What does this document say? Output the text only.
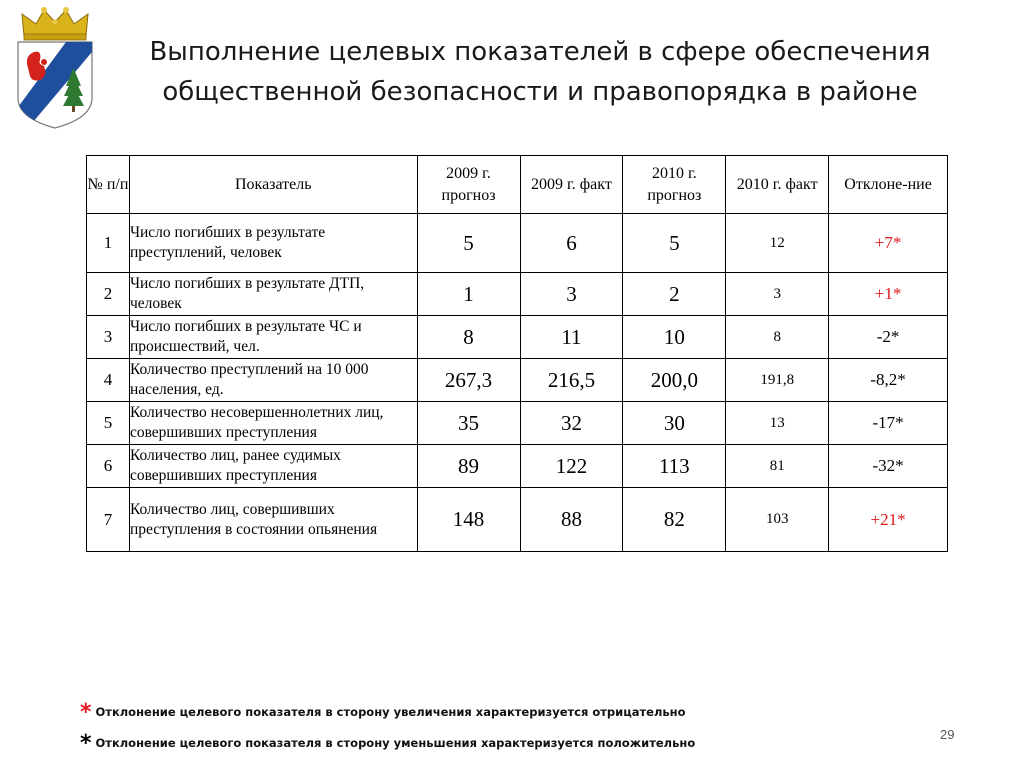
Выполнение целевых показателей в сфере обеспечения
общественной безопасности и правопорядка в районе
№ п/п	Показатель	2009 г. прогноз	2009 г. факт	2010 г. прогноз	2010 г. факт	Отклоне-ние
1	Число погибших в результате преступлений, человек	5	6	5	12	+7*
2	Число погибших в результате ДТП, человек	1	3	2	3	+1*
3	Число погибших в результате ЧС и происшествий, чел.	8	11	10	8	-2*
4	Количество преступлений на 10 000 населения, ед.	267,3	216,5	200,0	191,8	-8,2*
5	Количество несовершеннолетних лиц, совершивших преступления	35	32	30	13	-17*
6	Количество лиц, ранее судимых совершивших преступления	89	122	113	81	-32*
7	Количество лиц, совершивших преступления в состоянии опьянения	148	88	82	103	+21*
* Отклонение целевого показателя в сторону увеличения характеризуется отрицательно
* Отклонение целевого показателя в сторону уменьшения характеризуется положительно
29
